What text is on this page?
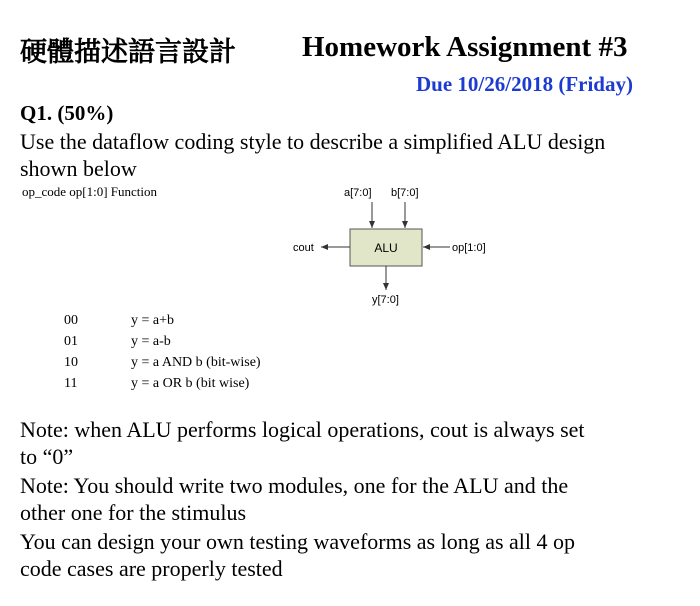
硬體描述語言設計 Homework Assignment #3
Due 10/26/2018 (Friday)
Q1. (50%)
Use the dataflow coding style to describe a simplified ALU design
shown below
op_code op[1:0] Function
00	y = a+b
01	y = a-b
10	y = a AND b (bit-wise)
11	y = a OR b (bit wise)
ALU
a[7:0] b[7:0]
cout	op[1:0]
y[7:0]
Note: when ALU performs logical operations, cout is always set
to “0”
Note: You should write two modules, one for the ALU and the
other one for the stimulus
You can design your own testing waveforms as long as all 4 op
code cases are properly tested
